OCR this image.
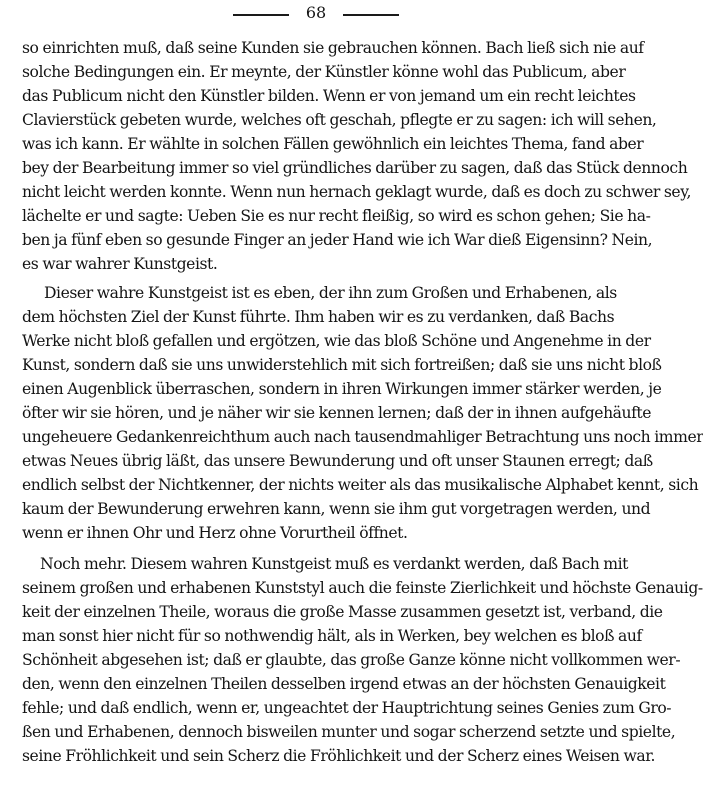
68
so einrichten muß, daß seine Kunden sie gebrauchen können. Bach ließ sich nie auf
solche Bedingungen ein. Er meynte, der Künstler könne wohl das Publicum, aber
das Publicum nicht den Künstler bilden. Wenn er von jemand um ein recht leichtes
Clavierstück gebeten wurde, welches oft geschah, pflegte er zu sagen: ich will sehen,
was ich kann. Er wählte in solchen Fällen gewöhnlich ein leichtes Thema, fand aber
bey der Bearbeitung immer so viel gründliches darüber zu sagen, daß das Stück dennoch
nicht leicht werden konnte. Wenn nun hernach geklagt wurde, daß es doch zu schwer sey,
lächelte er und sagte: Ueben Sie es nur recht fleißig, so wird es schon gehen; Sie ha-
ben ja fünf eben so gesunde Finger an jeder Hand wie ich War dieß Eigensinn? Nein,
es war wahrer Kunstgeist.
Dieser wahre Kunstgeist ist es eben, der ihn zum Großen und Erhabenen, als
dem höchsten Ziel der Kunst führte. Ihm haben wir es zu verdanken, daß Bachs
Werke nicht bloß gefallen und ergötzen, wie das bloß Schöne und Angenehme in der
Kunst, sondern daß sie uns unwiderstehlich mit sich fortreißen; daß sie uns nicht bloß
einen Augenblick überraschen, sondern in ihren Wirkungen immer stärker werden, je
öfter wir sie hören, und je näher wir sie kennen lernen; daß der in ihnen aufgehäufte
ungeheuere Gedankenreichthum auch nach tausendmahliger Betrachtung uns noch immer
etwas Neues übrig läßt, das unsere Bewunderung und oft unser Staunen erregt; daß
endlich selbst der Nichtkenner, der nichts weiter als das musikalische Alphabet kennt, sich
kaum der Bewunderung erwehren kann, wenn sie ihm gut vorgetragen werden, und
wenn er ihnen Ohr und Herz ohne Vorurtheil öffnet.
Noch mehr. Diesem wahren Kunstgeist muß es verdankt werden, daß Bach mit
seinem großen und erhabenen Kunststyl auch die feinste Zierlichkeit und höchste Genauig-
keit der einzelnen Theile, woraus die große Masse zusammen gesetzt ist, verband, die
man sonst hier nicht für so nothwendig hält, als in Werken, bey welchen es bloß auf
Schönheit abgesehen ist; daß er glaubte, das große Ganze könne nicht vollkommen wer-
den, wenn den einzelnen Theilen desselben irgend etwas an der höchsten Genauigkeit
fehle; und daß endlich, wenn er, ungeachtet der Hauptrichtung seines Genies zum Gro-
ßen und Erhabenen, dennoch bisweilen munter und sogar scherzend setzte und spielte,
seine Fröhlichkeit und sein Scherz die Fröhlichkeit und der Scherz eines Weisen war.
